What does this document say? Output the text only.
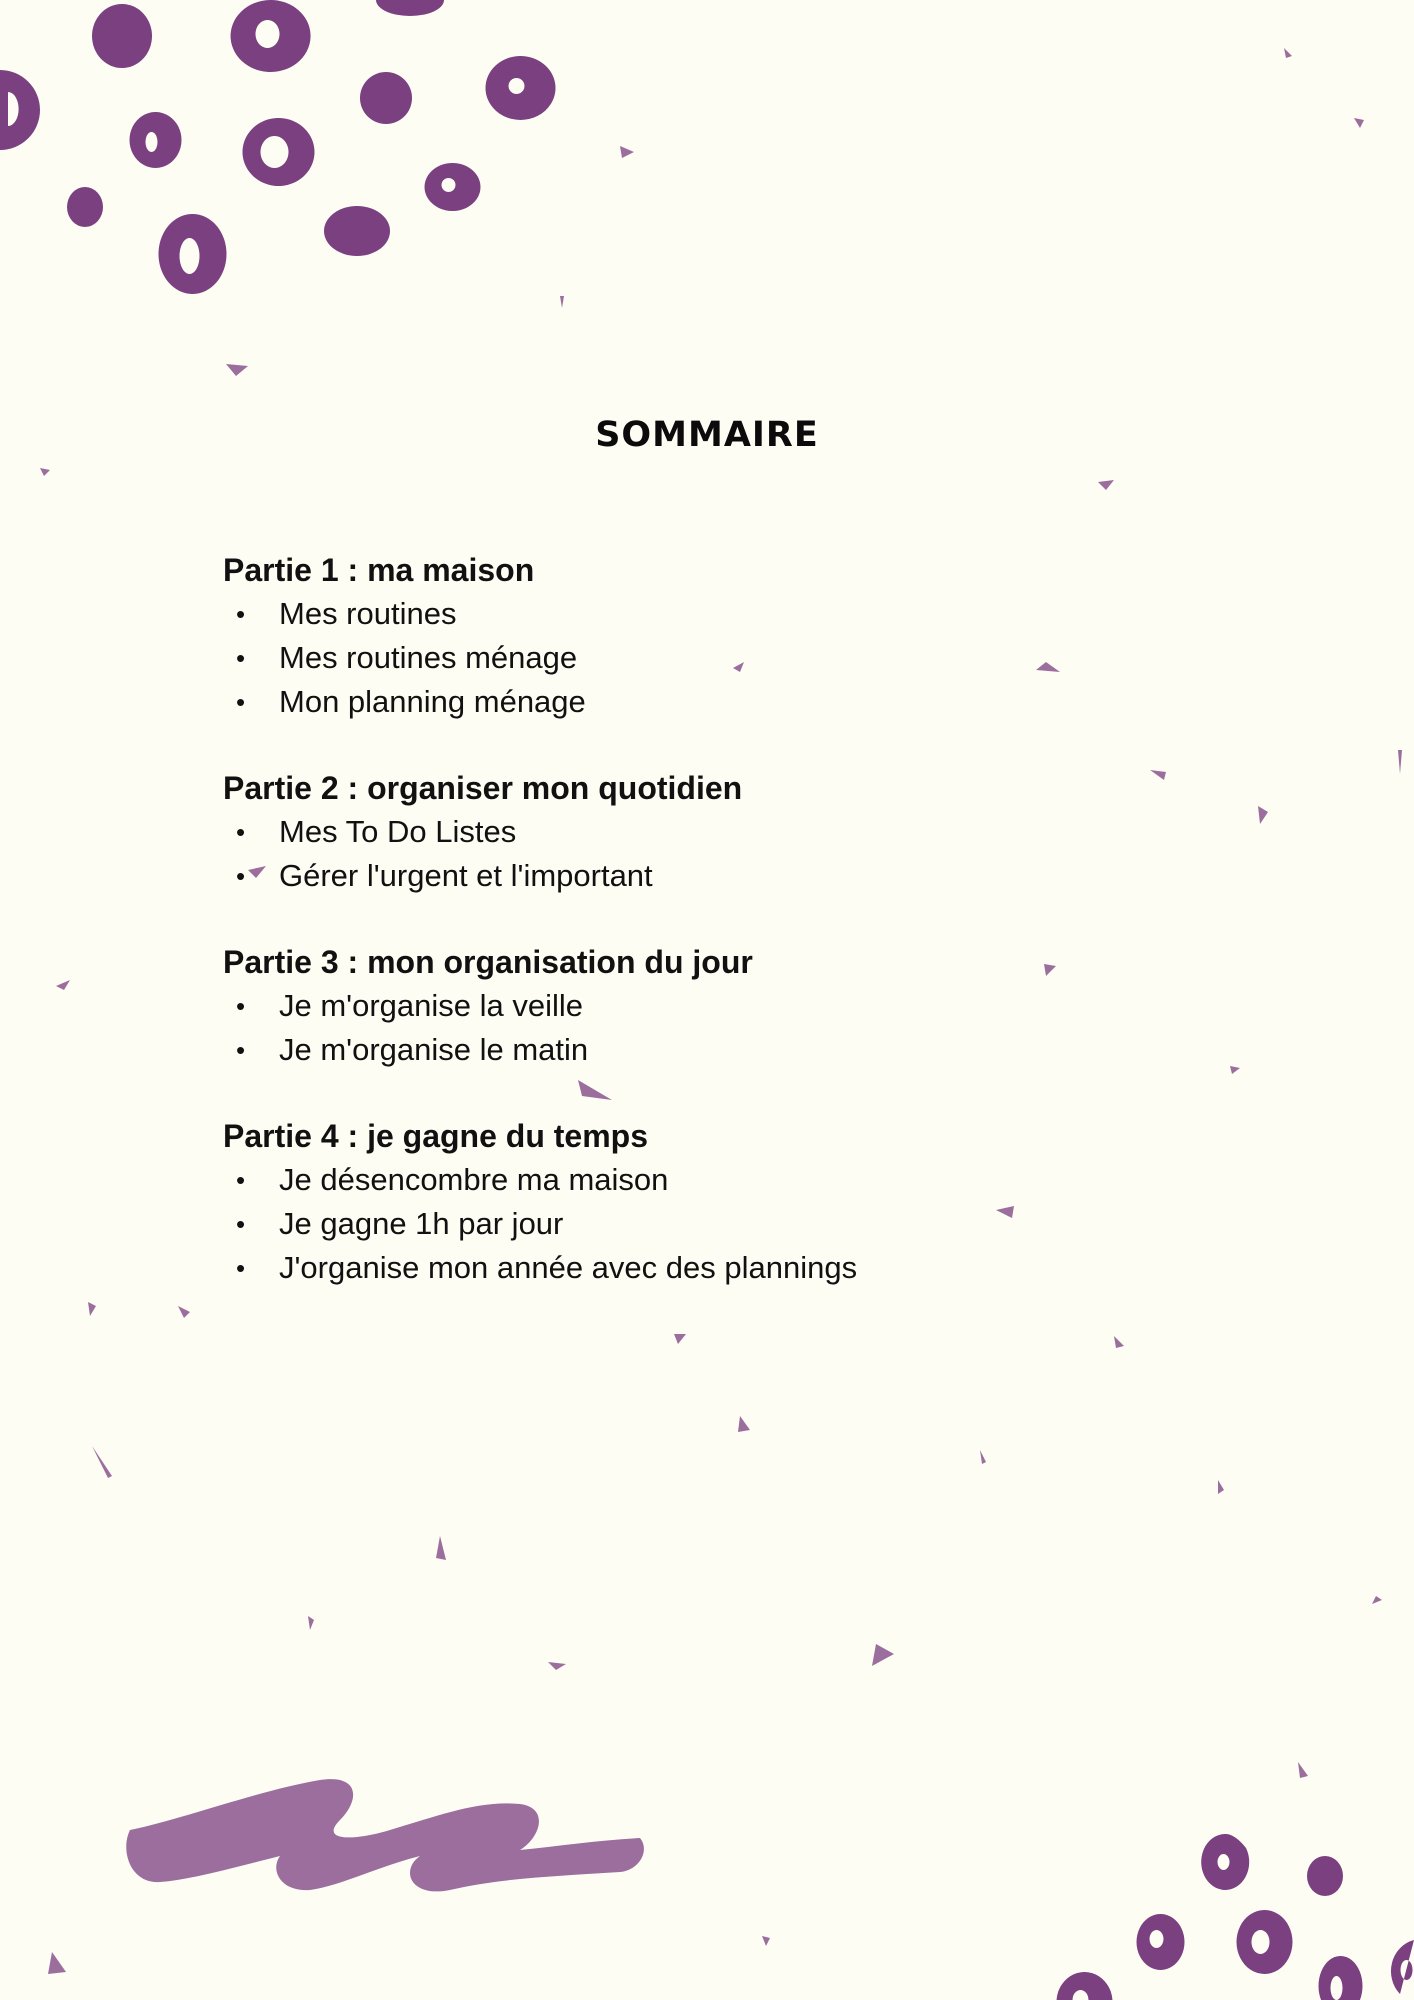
SOMMAIRE
Partie 1 : ma maison
• Mes routines
• Mes routines ménage
• Mon planning ménage
Partie 2 : organiser mon quotidien
• Mes To Do Listes
• Gérer l'urgent et l'important
Partie 3 : mon organisation du jour
• Je m'organise la veille
• Je m'organise le matin
Partie 4 : je gagne du temps
• Je désencombre ma maison
• Je gagne 1h par jour
• J'organise mon année avec des plannings
